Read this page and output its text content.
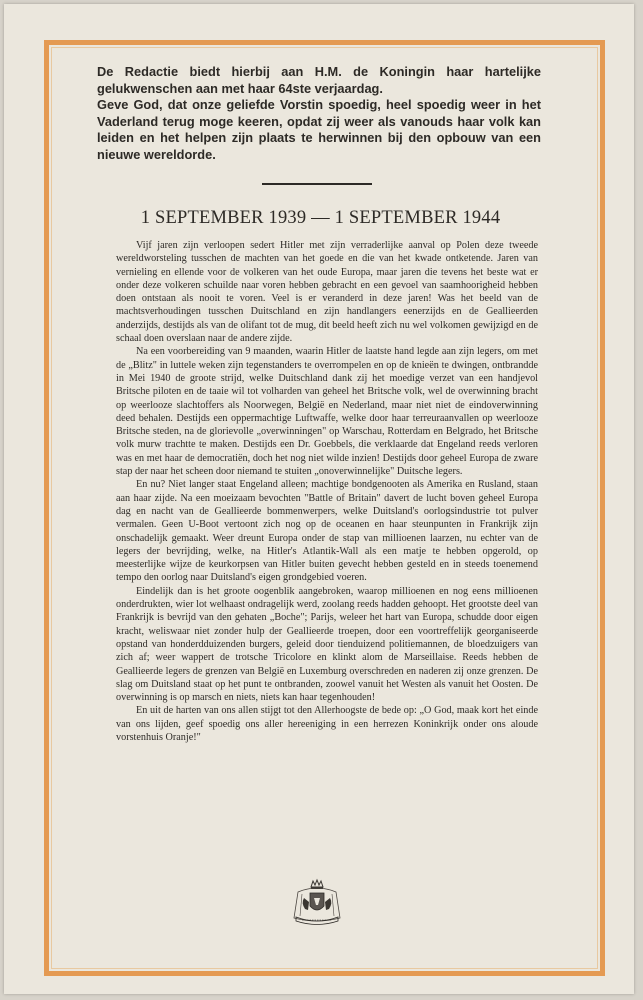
De Redactie biedt hierbij aan H.M. de Koningin haar hartelijke gelukwenschen aan met haar 64ste verjaardag.

Geve God, dat onze geliefde Vorstin spoedig, heel spoedig weer in het Vaderland terug moge keeren, opdat zij weer als vanouds haar volk kan leiden en het helpen zijn plaats te herwinnen bij den opbouw van een nieuwe wereldorde.

1 SEPTEMBER 1939 — 1 SEPTEMBER 1944

Vijf jaren zijn verloopen sedert Hitler met zijn verraderlijke aanval op Polen deze tweede wereldworsteling tusschen de machten van het goede en die van het kwade ontketende. Jaren van vernieling en ellende voor de volkeren van het oude Europa, maar jaren die tevens het beste wat er onder deze volkeren schuilde naar voren hebben gebracht en een gevoel van saamhoorigheid hebben doen ontstaan als nooit te voren. Veel is er veranderd in deze jaren! Was het beeld van de machtsverhoudingen tusschen Duitschland en zijn handlangers eenerzijds en de Geallieerden anderzijds, destijds als van de olifant tot de mug, dit beeld heeft zich nu wel volkomen gewijzigd en de schaal doen overslaan naar de andere zijde.

Na een voorbereiding van 9 maanden, waarin Hitler de laatste hand legde aan zijn legers, om met de „Blitz" in luttele weken zijn tegenstanders te overrompelen en op de knieën te dwingen, ontbrandde in Mei 1940 de groote strijd, welke Duitschland dank zij het moedige verzet van een handjevol Britsche piloten en de taaie wil tot volharden van geheel het Britsche volk, wel de overwinning bracht op weerlooze slachtoffers als Noorwegen, België en Nederland, maar niet niet de eindoverwinning deed behalen. Destijds een oppermachtige Luftwaffe, welke door haar terreuraanvallen op weerlooze Britsche steden, na de glorievolle „overwinningen" op Warschau, Rotterdam en Belgrado, het Britsche volk murw trachtte te maken. Destijds een Dr. Goebbels, die verklaarde dat Engeland reeds verloren was en met haar de democratiën, doch het nog niet wilde inzien! Destijds door geheel Europa de zware stap der naar het scheen door niemand te stuiten „onoverwinnelijke" Duitsche legers.

En nu? Niet langer staat Engeland alleen; machtige bondgenooten als Amerika en Rusland, staan aan haar zijde. Na een moeizaam bevochten "Battle of Britain" davert de lucht boven geheel Europa dag en nacht van de Geallieerde bommenwerpers, welke Duitsland's oorlogsindustrie tot pulver vermalen. Geen U-Boot vertoont zich nog op de oceanen en haar steunpunten in Frankrijk zijn onschadelijk gemaakt. Weer dreunt Europa onder de stap van millioenen laarzen, nu echter van de legers der bevrijding, welke, na Hitler's Atlantik-Wall als een matje te hebben opgerold, op meesterlijke wijze de keurkorpsen van Hitler buiten gevecht hebben gesteld en in steeds toenemend tempo den oorlog naar Duitsland's eigen grondgebied voeren.

Eindelijk dan is het groote oogenblik aangebroken, waarop millioenen en nog eens millioenen onderdrukten, wier lot welhaast ondragelijk werd, zoolang reeds hadden gehoopt. Het grootste deel van Frankrijk is bevrijd van den gehaten „Boche"; Parijs, weleer het hart van Europa, schudde door eigen kracht, weliswaar niet zonder hulp der Geallieerde troepen, door een voortreffelijk georganiseerde opstand van honderdduizenden burgers, geleid door tienduizend politiemannen, de bloedzuigers van zich af; weer wappert de trotsche Tricolore en klinkt alom de Marseillaise. Reeds hebben de Geallieerde legers de grenzen van België en Luxemburg overschreden en naderen zij onze grenzen. De slag om Duitsland staat op het punt te ontbranden, zoowel vanuit het Westen als vanuit het Oosten. De overwinning is op marsch en niets, niets kan haar tegenhouden!

En uit de harten van ons allen stijgt tot den Allerhoogste de bede op: „O God, maak kort het einde van ons lijden, geef spoedig ons aller hereeniging in een herrezen Koninkrijk onder ons aloude vorstenhuis Oranje!"
